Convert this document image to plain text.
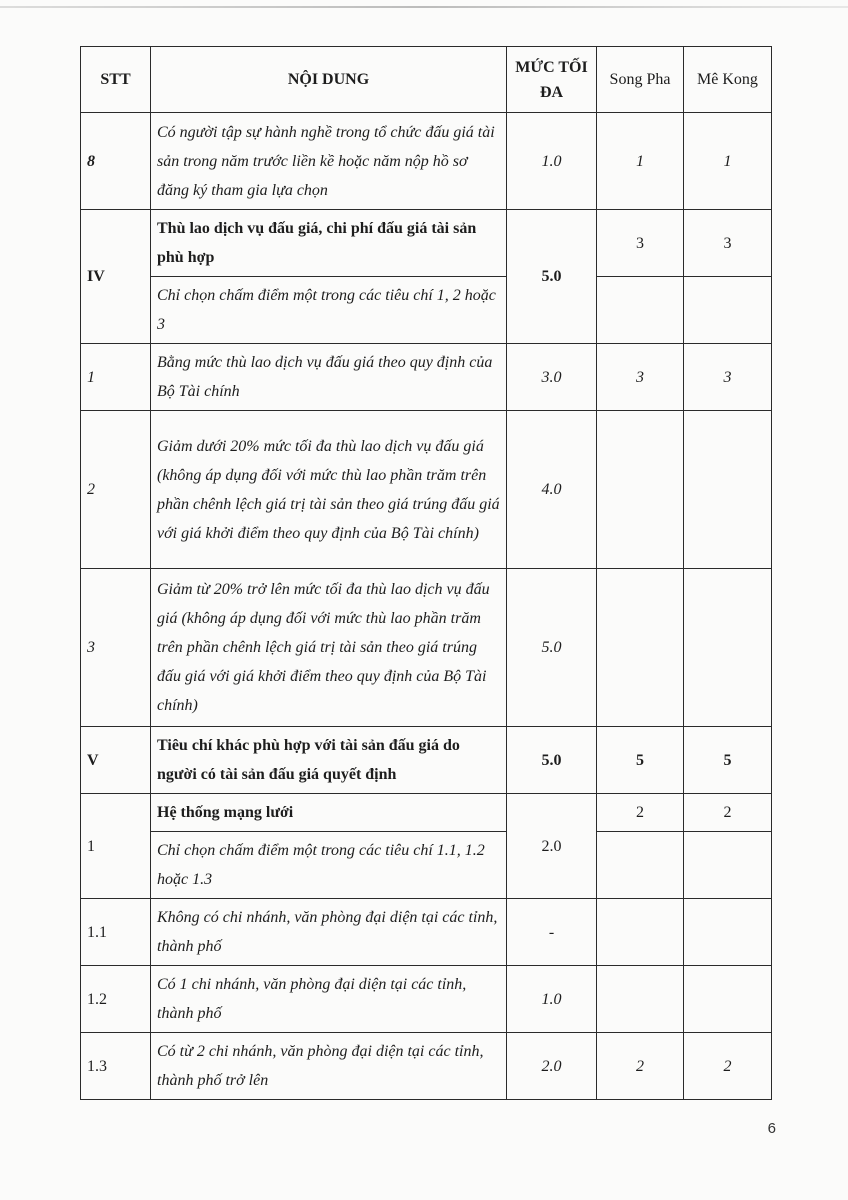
STT	NỘI DUNG	MỨC TỐI ĐA	Song Pha	Mê Kong
8	Có người tập sự hành nghề trong tổ chức đấu giá tài sản trong năm trước liền kề hoặc năm nộp hồ sơ đăng ký tham gia lựa chọn	1.0	1	1
IV	Thù lao dịch vụ đấu giá, chi phí đấu giá tài sản phù hợp	5.0	3	3
	Chỉ chọn chấm điểm một trong các tiêu chí 1, 2 hoặc 3			
1	Bằng mức thù lao dịch vụ đấu giá theo quy định của Bộ Tài chính	3.0	3	3
2	Giảm dưới 20% mức tối đa thù lao dịch vụ đấu giá (không áp dụng đối với mức thù lao phần trăm trên phần chênh lệch giá trị tài sản theo giá trúng đấu giá với giá khởi điểm theo quy định của Bộ Tài chính)	4.0		
3	Giảm từ 20% trở lên mức tối đa thù lao dịch vụ đấu giá (không áp dụng đối với mức thù lao phần trăm trên phần chênh lệch giá trị tài sản theo giá trúng đấu giá với giá khởi điểm theo quy định của Bộ Tài chính)	5.0		
V	Tiêu chí khác phù hợp với tài sản đấu giá do người có tài sản đấu giá quyết định	5.0	5	5
1	Hệ thống mạng lưới	2.0	2	2
	Chỉ chọn chấm điểm một trong các tiêu chí 1.1, 1.2 hoặc 1.3			
1.1	Không có chi nhánh, văn phòng đại diện tại các tỉnh, thành phố	-		
1.2	Có 1 chi nhánh, văn phòng đại diện tại các tỉnh, thành phố	1.0		
1.3	Có từ 2 chi nhánh, văn phòng đại diện tại các tỉnh, thành phố trở lên	2.0	2	2
6
